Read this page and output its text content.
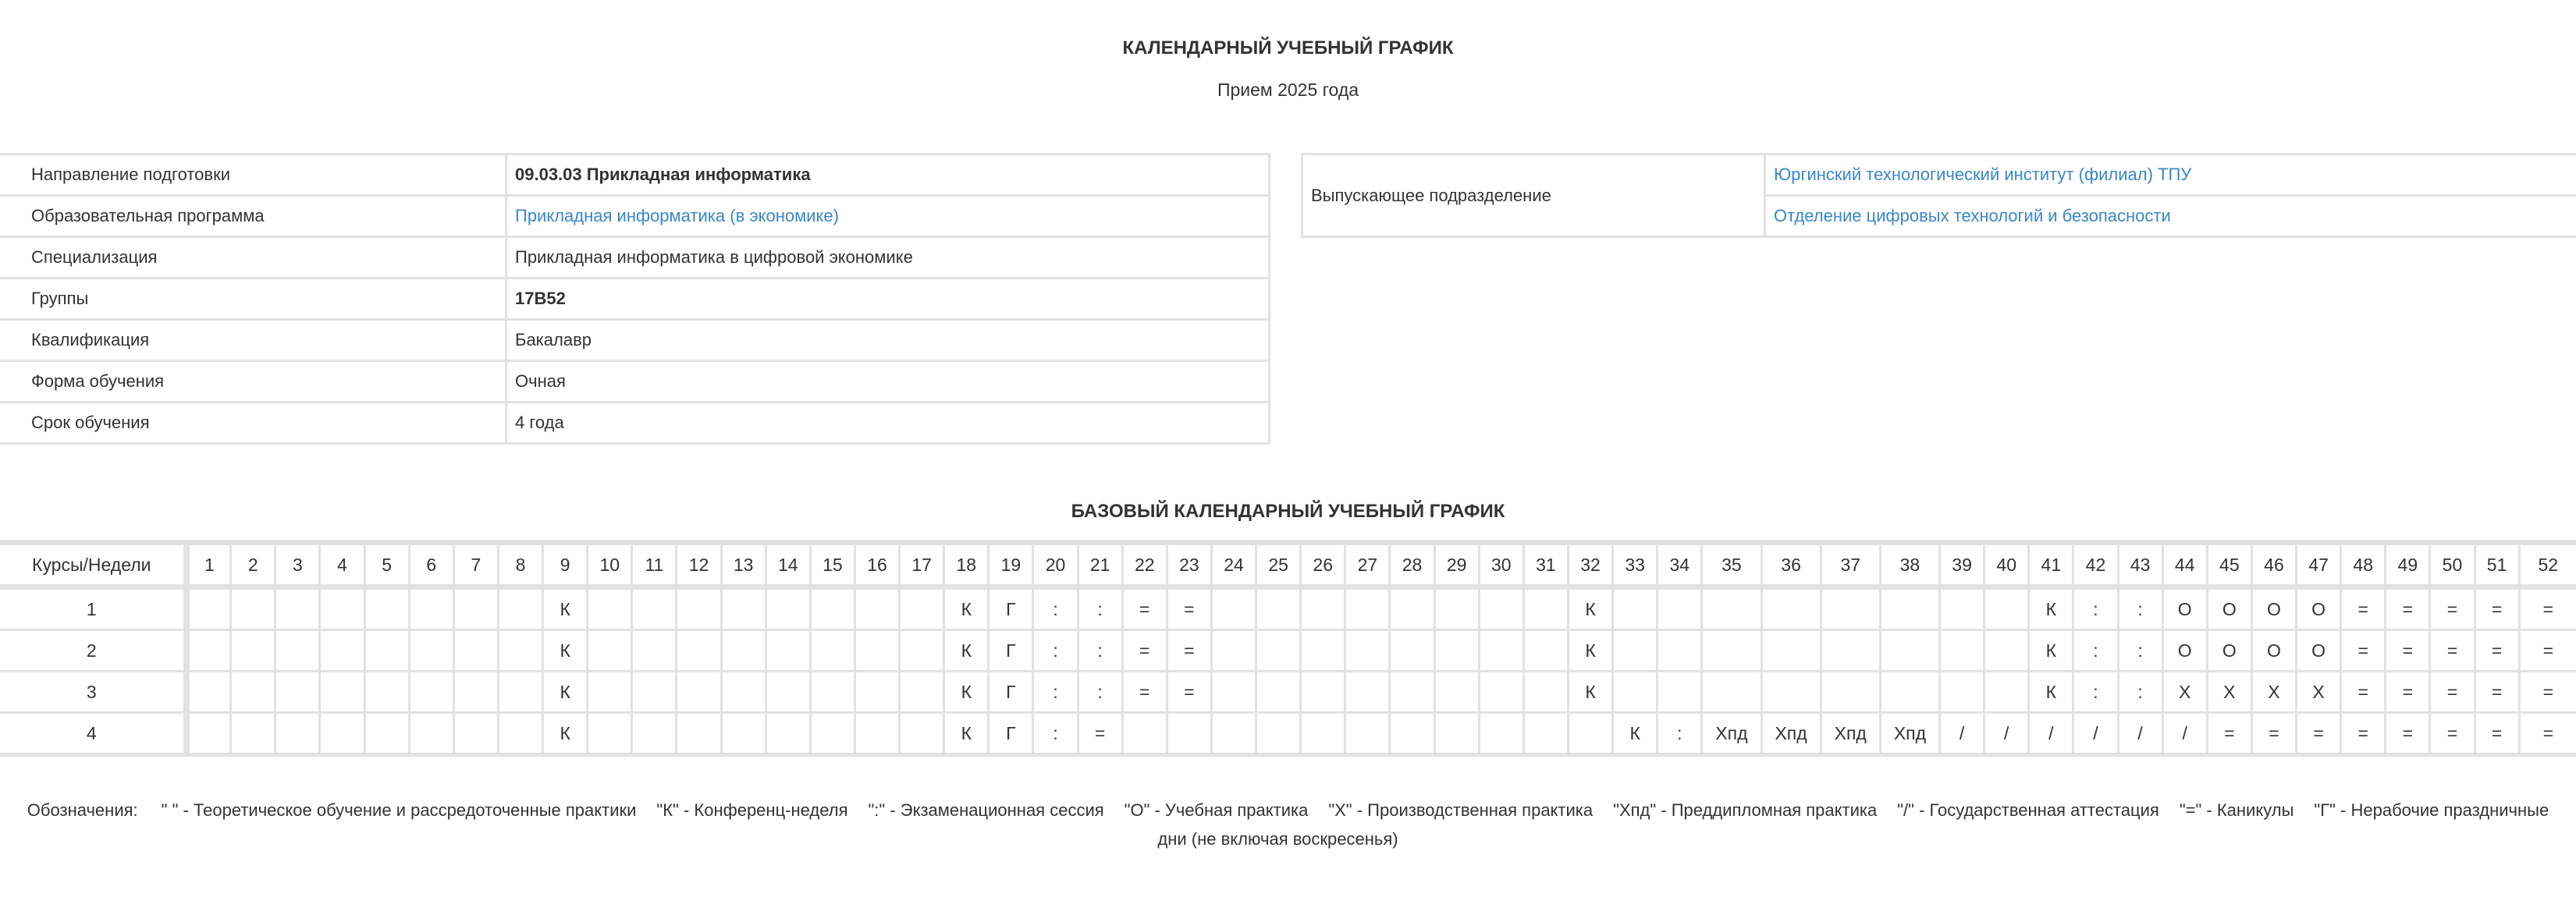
КАЛЕНДАРНЫЙ УЧЕБНЫЙ ГРАФИК
Прием 2025 года
Направление подготовки	09.03.03 Прикладная информатика
Образовательная программа	Прикладная информатика (в экономике)
Специализация	Прикладная информатика в цифровой экономике
Группы	17В52
Квалификация	Бакалавр
Форма обучения	Очная
Срок обучения	4 года
Выпускающее подразделение	Юргинский технологический институт (филиал) ТПУ
Отделение цифровых технологий и безопасности
БАЗОВЫЙ КАЛЕНДАРНЫЙ УЧЕБНЫЙ ГРАФИК
Курсы/Недели	1	2	3	4	5	6	7	8	9	10	11	12	13	14	15	16	17	18	19	20	21	22	23	24	25	26	27	28	29	30	31	32	33	34	35	36	37	38	39	40	41	42	43	44	45	46	47	48	49	50	51	52
1									К									К	Г	:	:	=	=									К									К	:	:	О	О	О	О	=	=	=	=	=
2									К									К	Г	:	:	=	=									К									К	:	:	О	О	О	О	=	=	=	=	=
3									К									К	Г	:	:	=	=									К									К	:	:	Х	Х	Х	Х	=	=	=	=	=
4									К									К	Г	:	=												К	:	Хпд	Хпд	Хпд	Хпд	/	/	/	/	/	/	=	=	=	=	=	=	=	=
Обозначения: " " - Теоретическое обучение и рассредоточенные практики "К" - Конференц-неделя ":" - Экзаменационная сессия "О" - Учебная практика "Х" - Производственная практика "Хпд" - Преддипломная практика "/" - Государственная аттестация "=" - Каникулы "Г" - Нерабочие праздничные дни (не включая воскресенья)
